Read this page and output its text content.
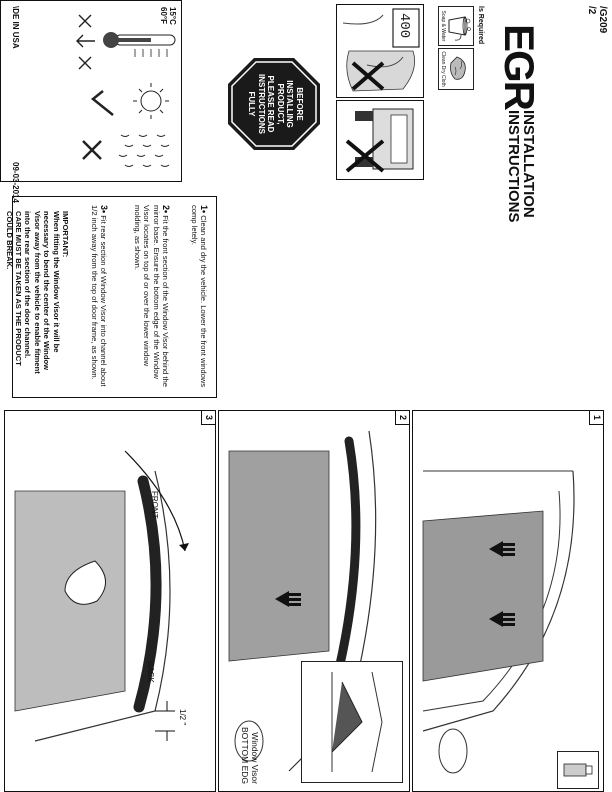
/G209
/2
EGR
INSTALLATION
INSTRUCTIONS
ls Required
Soap & Water
Clean Dry Cloth
400
BEFORE
INSTALLING
PRODUCT,
PLEASE READ
INSTRUCTIONS
FULLY
15°C
60°F
\DE IN USA
09-03-2014
1• Clean and dry the vehicle. Lower the front windows comp letely.
2• Fit the front section of the Window Visor behind the mirror base. Ensure the bottom edge of the Window Visor locates on top of or over the lower window molding, as shown.
3• Fit rear section of Window Visor into channel about 1/2 inch away from the top of door frame, as shown.
IMPORTANT:
When fitting the Window Visor it will be necessary to bend the center of the Window Visor away from the vehicle to enable fitment into the rear section of the door channel.
CARE MUST BE TAKEN AS THE PRODUCT COULD BREAK.
1
2
Window Visor
BOTTOM EDG
3
FRONT
BACK
1/2 "
